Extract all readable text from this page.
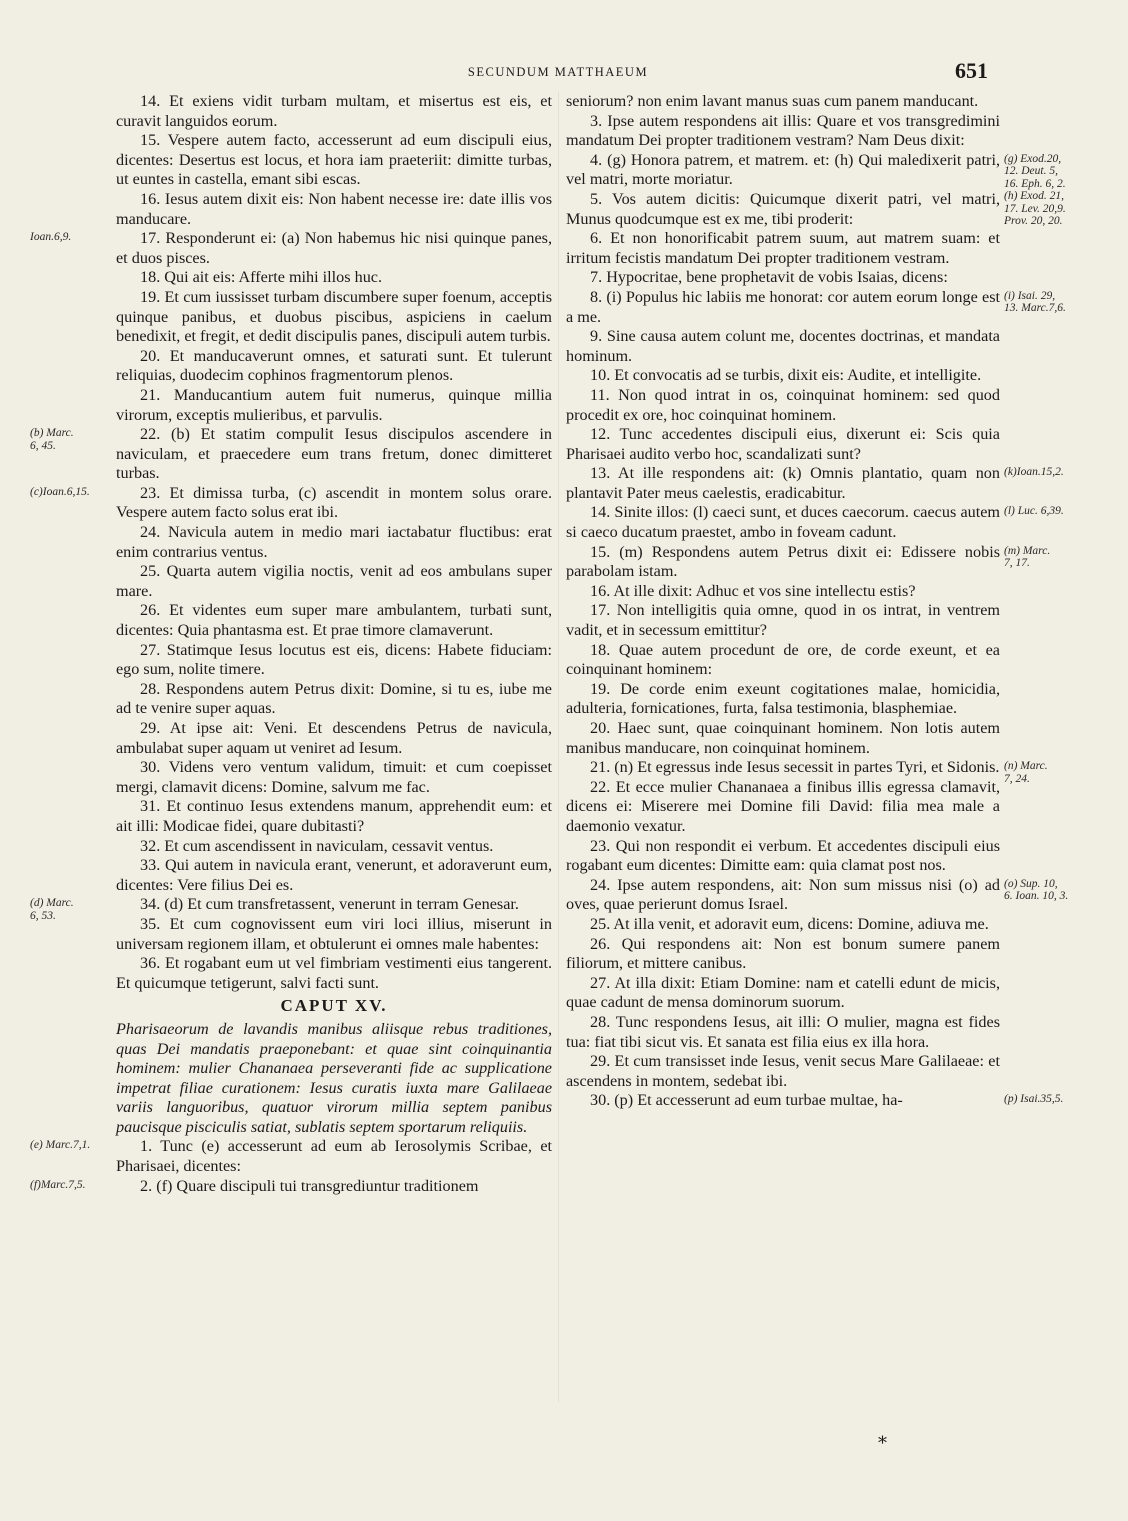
SECUNDUM MATTHAEUM	651

14. Et exiens vidit turbam multam, et misertus est eis, et curavit languidos eorum.

15. Vespere autem facto, accesserunt ad eum discipuli eius, dicentes: Desertus est locus, et hora iam praeteriit: dimitte turbas, ut euntes in castella, emant sibi escas.

16. Iesus autem dixit eis: Non habent necesse ire: date illis vos manducare.

17. Responderunt ei: (a) Non habemus hic nisi quinque panes, et duos pisces.
Ioan.6,9.

18. Qui ait eis: Afferte mihi illos huc.

19. Et cum iussisset turbam discumbere super foenum, acceptis quinque panibus, et duobus piscibus, aspiciens in caelum benedixit, et fregit, et dedit discipulis panes, discipuli autem turbis.

20. Et manducaverunt omnes, et saturati sunt. Et tulerunt reliquias, duodecim cophinos fragmentorum plenos.

21. Manducantium autem fuit numerus, quinque millia virorum, exceptis mulieribus, et parvulis.

22. (b) Et statim compulit Iesus discipulos ascendere in naviculam, et praecedere eum trans fretum, donec dimitteret turbas.
(b) Marc.
6, 45.

23. Et dimissa turba, (c) ascendit in montem solus orare. Vespere autem facto solus erat ibi.
(c)Ioan.6,15.

24. Navicula autem in medio mari iactabatur fluctibus: erat enim contrarius ventus.

25. Quarta autem vigilia noctis, venit ad eos ambulans super mare.

26. Et videntes eum super mare ambulantem, turbati sunt, dicentes: Quia phantasma est. Et prae timore clamaverunt.

27. Statimque Iesus locutus est eis, dicens: Habete fiduciam: ego sum, nolite timere.

28. Respondens autem Petrus dixit: Domine, si tu es, iube me ad te venire super aquas.

29. At ipse ait: Veni. Et descendens Petrus de navicula, ambulabat super aquam ut veniret ad Iesum.

30. Videns vero ventum validum, timuit: et cum coepisset mergi, clamavit dicens: Domine, salvum me fac.

31. Et continuo Iesus extendens manum, apprehendit eum: et ait illi: Modicae fidei, quare dubitasti?

32. Et cum ascendissent in naviculam, cessavit ventus.

33. Qui autem in navicula erant, venerunt, et adoraverunt eum, dicentes: Vere filius Dei es.

34. (d) Et cum transfretassent, venerunt in terram Genesar.
(d) Marc.
6, 53.	35. Et cum cognovissent eum viri loci illius, miserunt in universam regionem illam, et obtulerunt ei omnes male habentes:

36. Et rogabant eum ut vel fimbriam vestimenti eius tangerent. Et quicumque tetigerunt, salvi facti sunt.

CAPUT XV.

Pharisaeorum de lavandis manibus aliisque rebus traditiones, quas Dei mandatis praeponebant: et quae sint coinquinantia hominem: mulier Chananaea perseveranti fide ac supplicatione impetrat filiae curationem: Iesus curatis iuxta mare Galilaeae variis languoribus, quatuor virorum millia septem panibus paucisque pisciculis satiat, sublatis septem sportarum reliquiis.

1. Tunc (e) accesserunt ad eum ab Ierosolymis Scribae, et Pharisaei, dicentes:
(e) Marc.7,1.

2. (f) Quare discipuli tui transgrediuntur traditionem
(f)Marc.7,5.

seniorum? non enim lavant manus suas cum panem manducant.

3. Ipse autem respondens ait illis: Quare et vos transgredimini mandatum Dei propter traditionem vestram? Nam Deus dixit:

4. (g) Honora patrem, et matrem. et: (h) Qui maledixerit patri, vel matri, morte moriatur.
(g) Exod.20,
12. Deut. 5,
16. Eph. 6, 2.
(h) Exod. 21,
17. Lev. 20,9.
Prov. 20, 20.

5. Vos autem dicitis: Quicumque dixerit patri, vel matri, Munus quodcumque est ex me, tibi proderit:

6. Et non honorificabit patrem suum, aut matrem suam: et irritum fecistis mandatum Dei propter traditionem vestram.

7. Hypocritae, bene prophetavit de vobis Isaias, dicens:

8. (i) Populus hic labiis me honorat: cor autem eorum longe est a me.
(i) Isai. 29,
13. Marc.7,6.

9. Sine causa autem colunt me, docentes doctrinas, et mandata hominum.

10. Et convocatis ad se turbis, dixit eis: Audite, et intelligite.

11. Non quod intrat in os, coinquinat hominem: sed quod procedit ex ore, hoc coinquinat hominem.

12. Tunc accedentes discipuli eius, dixerunt ei: Scis quia Pharisaei audito verbo hoc, scandalizati sunt?

13. At ille respondens ait: (k) Omnis plantatio, quam non plantavit Pater meus caelestis, eradicabitur.
(k)Ioan.15,2.

14. Sinite illos: (l) caeci sunt, et duces caecorum. caecus autem si caeco ducatum praestet, ambo in foveam cadunt.
(l) Luc. 6,39.

15. (m) Respondens autem Petrus dixit ei: Edissere nobis parabolam istam.
(m) Marc.
7, 17.

16. At ille dixit: Adhuc et vos sine intellectu estis?

17. Non intelligitis quia omne, quod in os intrat, in ventrem vadit, et in secessum emittitur?

18. Quae autem procedunt de ore, de corde exeunt, et ea coinquinant hominem:

19. De corde enim exeunt cogitationes malae, homicidia, adulteria, fornicationes, furta, falsa testimonia, blasphemiae.

20. Haec sunt, quae coinquinant hominem. Non lotis autem manibus manducare, non coinquinat hominem.

21. (n) Et egressus inde Iesus secessit in partes Tyri, et Sidonis. (n) Marc.
7, 24.

22. Et ecce mulier Chananaea a finibus illis egressa clamavit, dicens ei: Miserere mei Domine fili David: filia mea male a daemonio vexatur.

23. Qui non respondit ei verbum. Et accedentes discipuli eius rogabant eum dicentes: Dimitte eam: quia clamat post nos.

24. Ipse autem respondens, ait: Non sum missus nisi (o) ad oves, quae perierunt domus Israel.
(o) Sup. 10,
6. Ioan. 10, 3.

25. At illa venit, et adoravit eum, dicens: Domine, adiuva me.

26. Qui respondens ait: Non est bonum sumere panem filiorum, et mittere canibus.

27. At illa dixit: Etiam Domine: nam et catelli edunt de micis, quae cadunt de mensa dominorum suorum.

28. Tunc respondens Iesus, ait illi: O mulier, magna est fides tua: fiat tibi sicut vis. Et sanata est filia eius ex illa hora.

29. Et cum transisset inde Iesus, venit secus Mare Galilaeae: et ascendens in montem, sedebat ibi.

30. (p) Et accesserunt ad eum turbae multae, ha-	(p) Isai.35,5.

*
